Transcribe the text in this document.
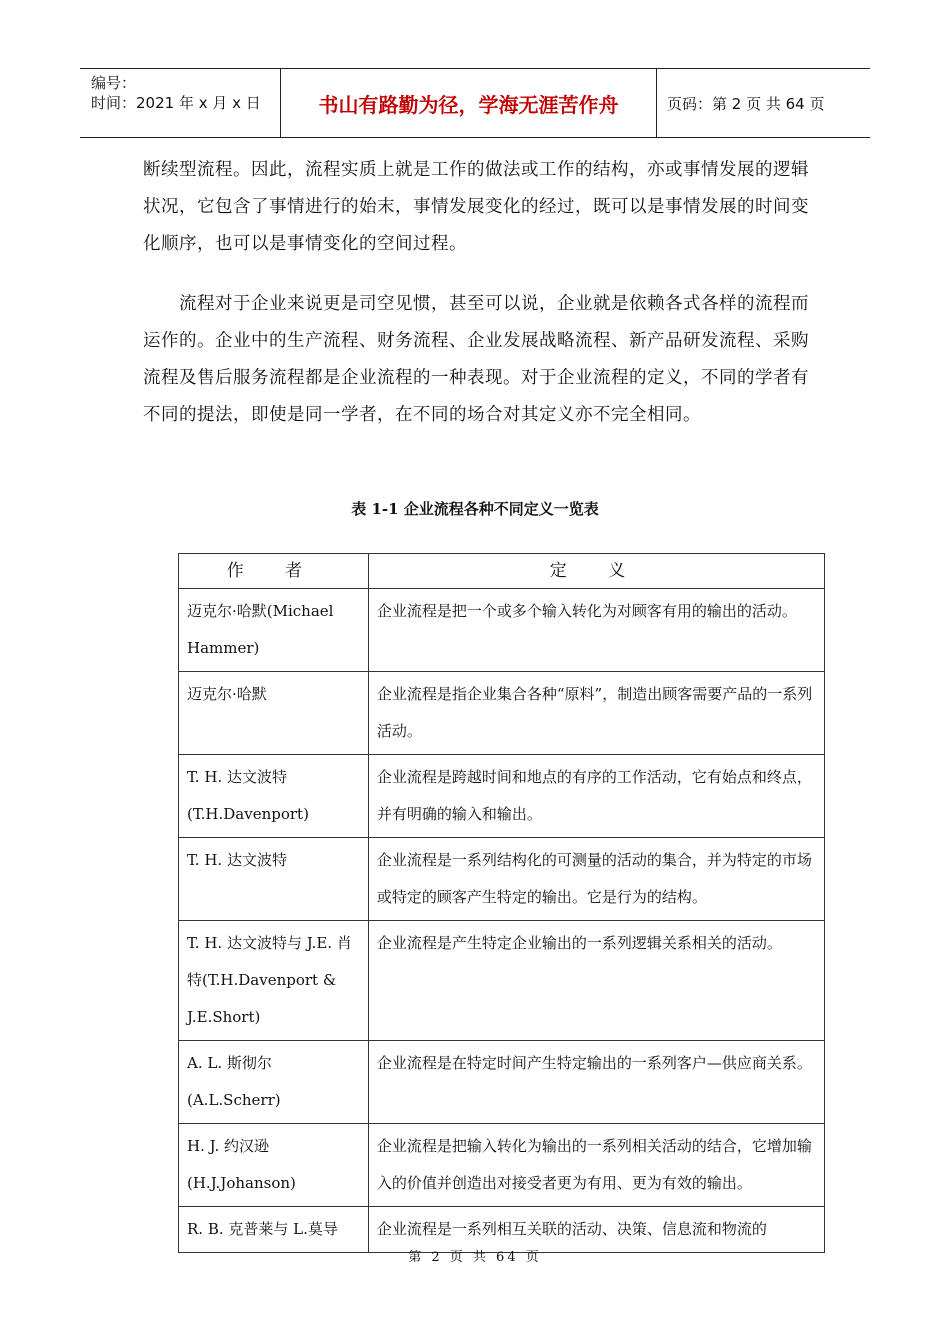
编号：
时间：2021 年 x 月 x 日	书山有路勤为径，学海无涯苦作舟	页码：第 2 页 共 64 页

断续型流程。因此，流程实质上就是工作的做法或工作的结构，亦或事情发展的逻辑状况，它包含了事情进行的始末，事情发展变化的经过，既可以是事情发展的时间变化顺序，也可以是事情变化的空间过程。

流程对于企业来说更是司空见惯，甚至可以说，企业就是依赖各式各样的流程而运作的。企业中的生产流程、财务流程、企业发展战略流程、新产品研发流程、采购流程及售后服务流程都是企业流程的一种表现。对于企业流程的定义，不同的学者有不同的提法，即使是同一学者，在不同的场合对其定义亦不完全相同。

表 1-1 企业流程各种不同定义一览表
作 者	定 义
迈克尔·哈默(Michael Hammer)	企业流程是把一个或多个输入转化为对顾客有用的输出的活动。
迈克尔·哈默	企业流程是指企业集合各种“原料”，制造出顾客需要产品的一系列活动。
T. H. 达文波特 (T.H.Davenport)	企业流程是跨越时间和地点的有序的工作活动，它有始点和终点，并有明确的输入和输出。
T. H. 达文波特	企业流程是一系列结构化的可测量的活动的集合，并为特定的市场或特定的顾客产生特定的输出。它是行为的结构。
T. H. 达文波特与 J.E. 肖特(T.H.Davenport & J.E.Short)	企业流程是产生特定企业输出的一系列逻辑关系相关的活动。
A. L. 斯彻尔 (A.L.Scherr)	企业流程是在特定时间产生特定输出的一系列客户—供应商关系。
H. J. 约汉逊 (H.J.Johanson)	企业流程是把输入转化为输出的一系列相关活动的结合，它增加输入的价值并创造出对接受者更为有用、更为有效的输出。
R. B. 克普莱与 L.莫导	企业流程是一系列相互关联的活动、决策、信息流和物流的
第 2 页 共 64 页
